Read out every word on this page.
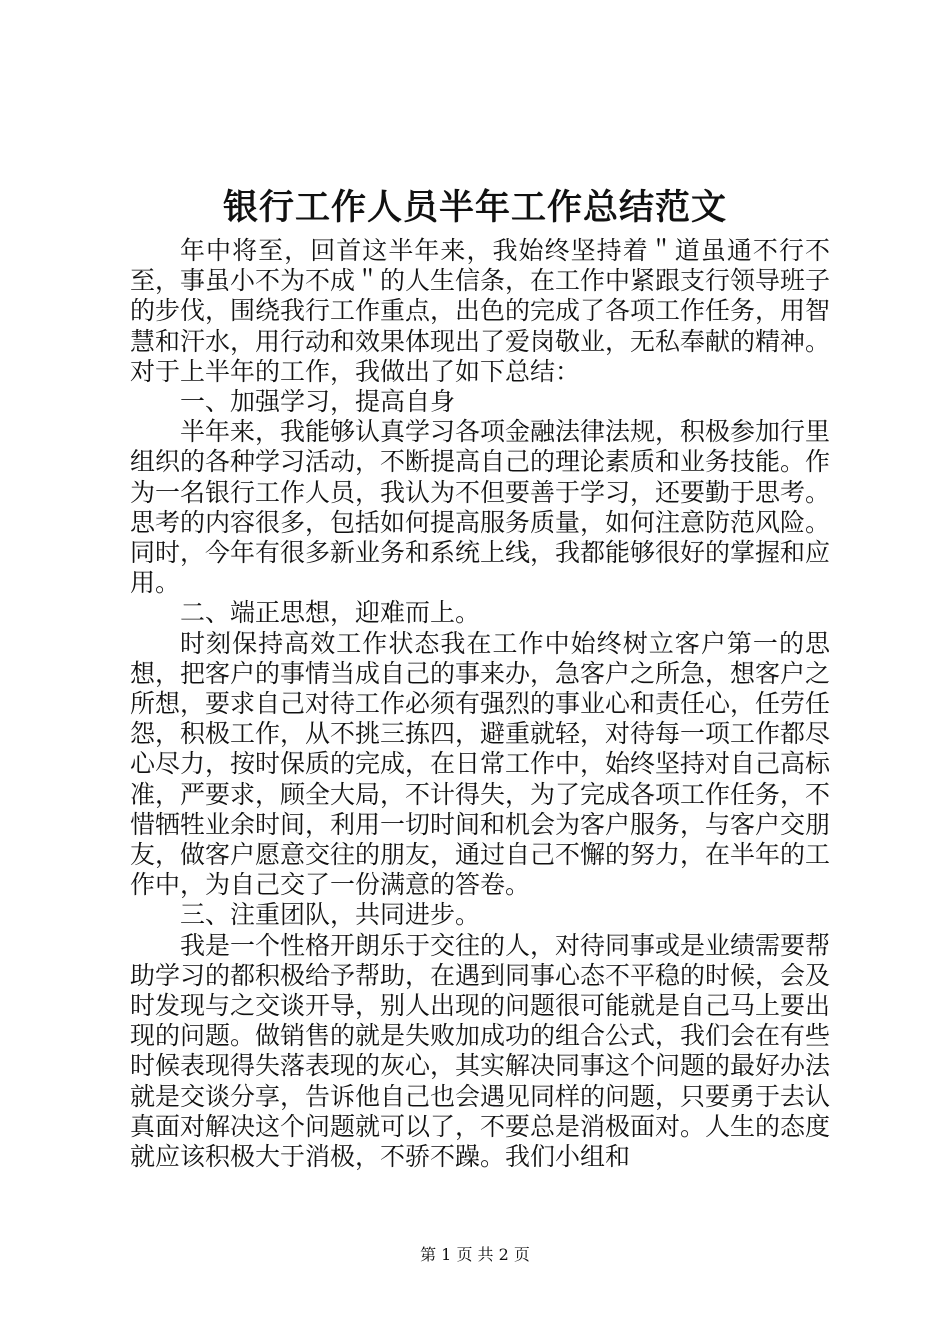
银行工作人员半年工作总结范文

年中将至，回首这半年来，我始终坚持着＂道虽通不行不至，事虽小不为不成＂的人生信条，在工作中紧跟支行领导班子的步伐，围绕我行工作重点，出色的完成了各项工作任务，用智慧和汗水，用行动和效果体现出了爱岗敬业，无私奉献的精神。对于上半年的工作，我做出了如下总结：

一、加强学习，提高自身

半年来，我能够认真学习各项金融法律法规，积极参加行里组织的各种学习活动，不断提高自己的理论素质和业务技能。作为一名银行工作人员，我认为不但要善于学习，还要勤于思考。思考的内容很多，包括如何提高服务质量，如何注意防范风险。同时，今年有很多新业务和系统上线，我都能够很好的掌握和应用。

二、端正思想，迎难而上。

时刻保持高效工作状态我在工作中始终树立客户第一的思想，把客户的事情当成自己的事来办，急客户之所急，想客户之所想，要求自己对待工作必须有强烈的事业心和责任心，任劳任怨，积极工作，从不挑三拣四，避重就轻，对待每一项工作都尽心尽力，按时保质的完成，在日常工作中，始终坚持对自己高标准，严要求，顾全大局，不计得失，为了完成各项工作任务，不惜牺牲业余时间，利用一切时间和机会为客户服务，与客户交朋友，做客户愿意交往的朋友，通过自己不懈的努力，在半年的工作中，为自己交了一份满意的答卷。

三、注重团队，共同进步。

我是一个性格开朗乐于交往的人，对待同事或是业绩需要帮助学习的都积极给予帮助，在遇到同事心态不平稳的时候，会及时发现与之交谈开导，别人出现的问题很可能就是自己马上要出现的问题。做销售的就是失败加成功的组合公式，我们会在有些时候表现得失落表现的灰心，其实解决同事这个问题的最好办法就是交谈分享，告诉他自己也会遇见同样的问题，只要勇于去认真面对解决这个问题就可以了，不要总是消极面对。人生的态度就应该积极大于消极，不骄不躁。我们小组和

第 1 页 共 2 页
